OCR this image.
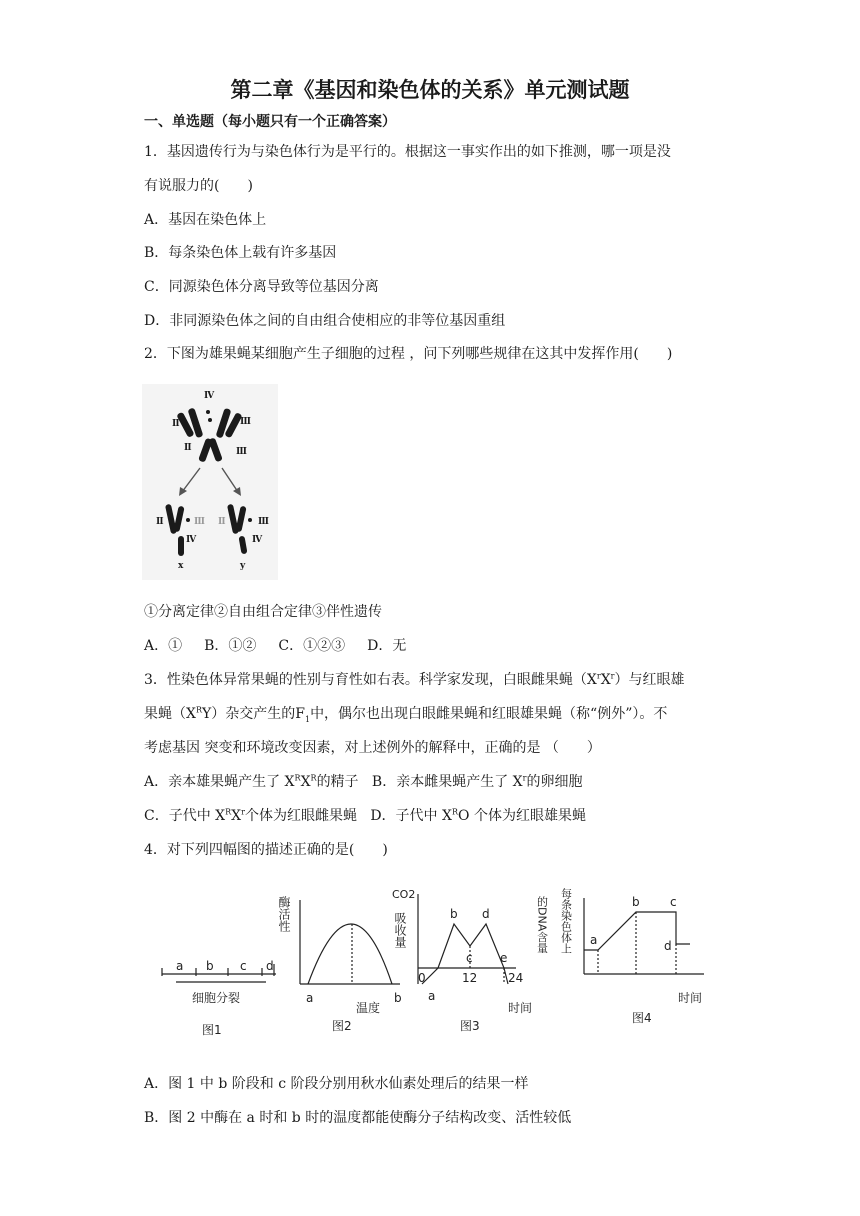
第二章《基因和染色体的关系》单元测试题
一、单选题（每小题只有一个正确答案）
1．基因遗传行为与染色体行为是平行的。根据这一事实作出的如下推测，哪一项是没
有说服力的(　　)
A．基因在染色体上
B．每条染色体上载有许多基因
C．同源染色体分离导致等位基因分离
D．非同源染色体之间的自由组合使相应的非等位基因重组
2．下图为雄果蝇某细胞产生子细胞的过程 ，问下列哪些规律在这其中发挥作用(　　)
Ⅳ
Ⅱ	Ⅲ
Ⅱ	Ⅲ
Ⅱ	Ⅲ
Ⅳ
x
Ⅱ	Ⅲ
Ⅳ
y
①分离定律②自由组合定律③伴性遗传
A．① B．①② C．①②③ D．无
3．性染色体异常果蝇的性别与育性如右表。科学家发现，白眼雌果蝇$(X^rX^r)$与红眼雄
果蝇$(X^RY)$杂交产生的$F_1$中，偶尔也出现白眼雌果蝇和红眼雄果蝇（称“例外”）。不
考虑基因 突变和环境改变因素，对上述例外的解释中，正确的是 （　　）
A．亲本雄果蝇产生了 $X^RX^R$的精子 B．亲本雌果蝇产生了 $X^r$的卵细胞
C．子代中 $X^RX^r$个体为红眼雌果蝇 D．子代中 $X^RO$ 个体为红眼雄果蝇
4．对下列四幅图的描述正确的是(　　)
a b c d
细胞分裂
图1
酶活性
a
温度
b
图2
CO2
吸收量
a
b
c
d
e
0	12	24
时间
图3
的DNA含量 每条染色体上 a
b	c
d
时间
图4
A．图 1 中 b 阶段和 c 阶段分别用秋水仙素处理后的结果一样
B．图 2 中酶在 a 时和 b 时的温度都能使酶分子结构改变、活性较低
